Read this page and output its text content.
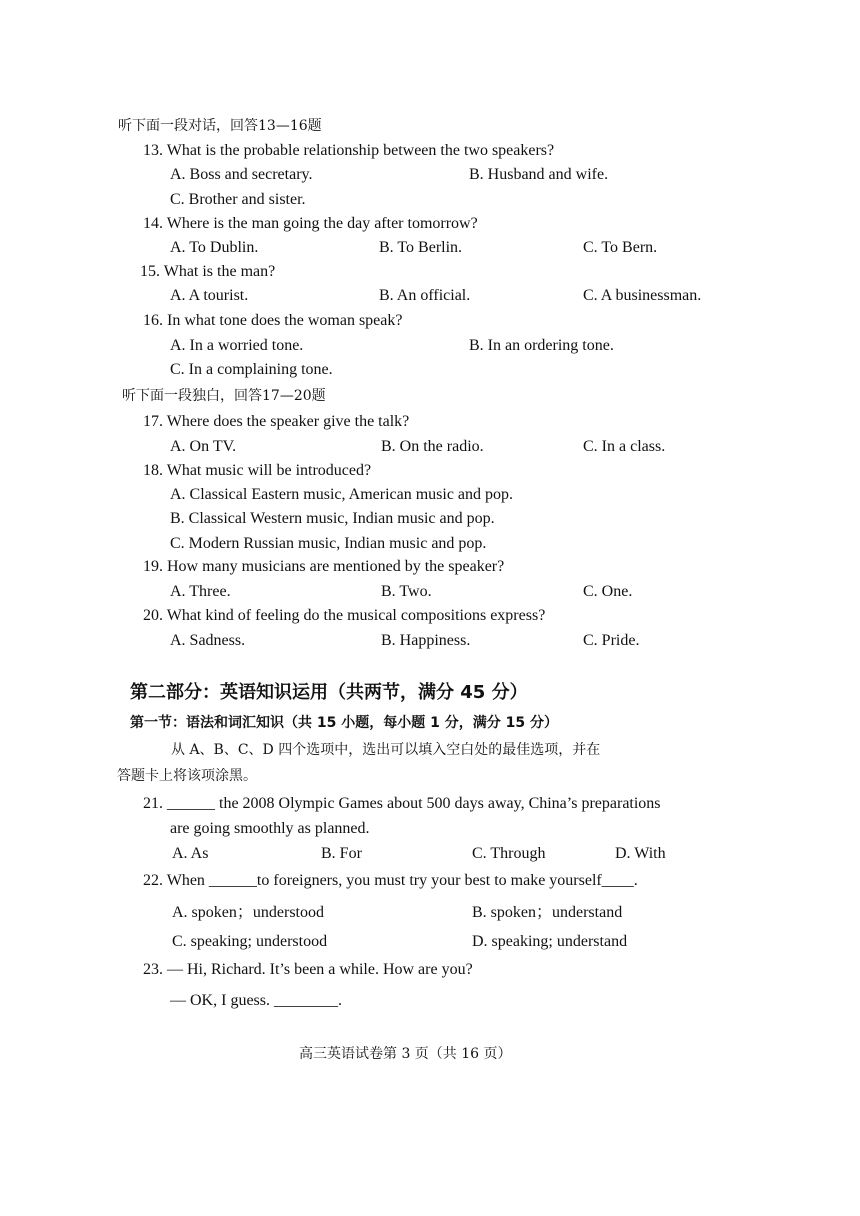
听下面一段对话，回答13—16题
13. What is the probable relationship between the two speakers?
A. Boss and secretary.	B. Husband and wife.
C. Brother and sister.
14. Where is the man going the day after tomorrow?
A. To Dublin.	B. To Berlin.	C. To Bern.
15. What is the man?
A. A tourist.	B. An official.	C. A businessman.
16. In what tone does the woman speak?
A. In a worried tone.	B. In an ordering tone.
C. In a complaining tone.
听下面一段独白，回答17—20题
17. Where does the speaker give the talk?
A. On TV.	B. On the radio.	C. In a class.
18. What music will be introduced?
A. Classical Eastern music, American music and pop.
B. Classical Western music, Indian music and pop.
C. Modern Russian music, Indian music and pop.
19. How many musicians are mentioned by the speaker?
A. Three.	B. Two.	C. One.
20. What kind of feeling do the musical compositions express?
A. Sadness.	B. Happiness.	C. Pride.
第二部分：英语知识运用（共两节，满分 45 分）
第一节：语法和词汇知识（共 15 小题，每小题 1 分，满分 15 分）
从 A、B、C、D 四个选项中，选出可以填入空白处的最佳选项，并在
答题卡上将该项涂黑。
21. ______ the 2008 Olympic Games about 500 days away, China’s preparations
are going smoothly as planned.
A. As	B. For	C. Through	D. With
22. When ______to foreigners, you must try your best to make yourself____.
A. spoken；understood	B. spoken；understand
C. speaking; understood	D. speaking; understand
23. — Hi, Richard. It’s been a while. How are you?
— OK, I guess. ________.
高三英语试卷第 3 页（共 16 页）
